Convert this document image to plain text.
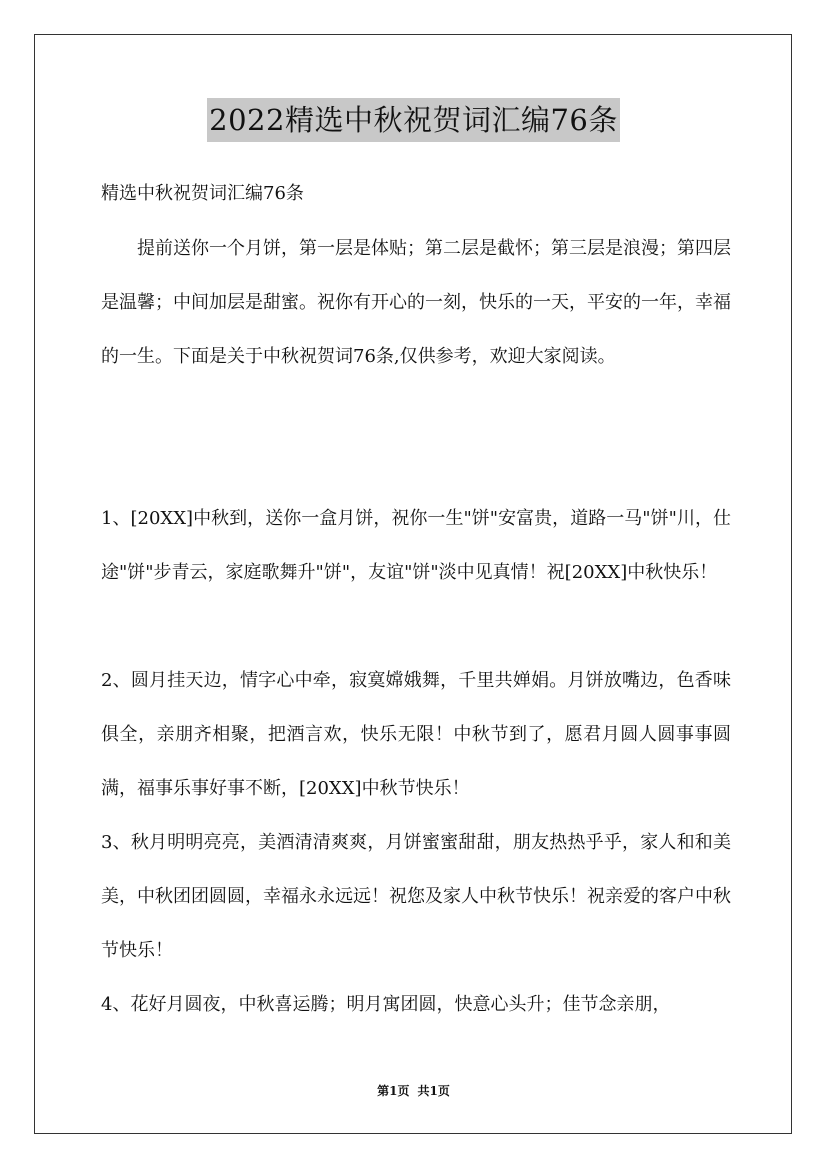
2022精选中秋祝贺词汇编76条
精选中秋祝贺词汇编76条
提前送你一个月饼，第一层是体贴；第二层是截怀；第三层是浪漫；第四层是温馨；中间加层是甜蜜。祝你有开心的一刻，快乐的一天，平安的一年，幸福的一生。下面是关于中秋祝贺词76条,仅供参考，欢迎大家阅读。
1、[20XX]中秋到，送你一盒月饼，祝你一生"饼"安富贵，道路一马"饼"川，仕途"饼"步青云，家庭歌舞升"饼"，友谊"饼"淡中见真情！祝[20XX]中秋快乐！
2、圆月挂天边，情字心中牵，寂寞嫦娥舞，千里共婵娟。月饼放嘴边，色香味俱全，亲朋齐相聚，把酒言欢，快乐无限！中秋节到了，愿君月圆人圆事事圆满，福事乐事好事不断，[20XX]中秋节快乐！
3、秋月明明亮亮，美酒清清爽爽，月饼蜜蜜甜甜，朋友热热乎乎，家人和和美美，中秋团团圆圆，幸福永永远远！祝您及家人中秋节快乐！祝亲爱的客户中秋节快乐！
4、花好月圆夜，中秋喜运腾；明月寓团圆，快意心头升；佳节念亲朋，
第1页 共1页
